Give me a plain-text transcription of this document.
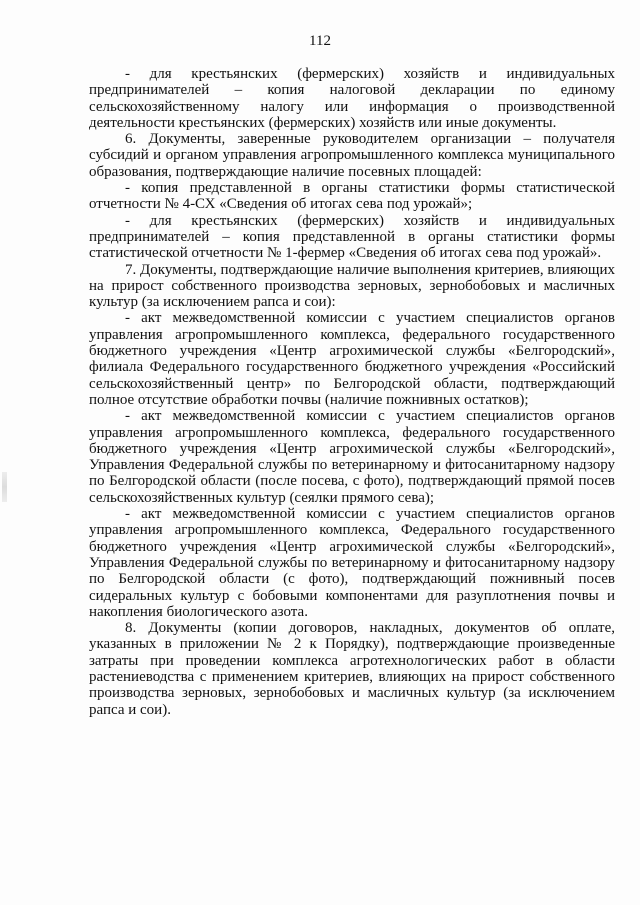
112

- для крестьянских (фермерских) хозяйств и индивидуальных предпринимателей – копия налоговой декларации по единому сельскохозяйственному налогу или информация о производственной деятельности крестьянских (фермерских) хозяйств или иные документы.

6. Документы, заверенные руководителем организации – получателя субсидий и органом управления агропромышленного комплекса муниципального образования, подтверждающие наличие посевных площадей:

- копия представленной в органы статистики формы статистической отчетности № 4-СХ «Сведения об итогах сева под урожай»;

- для крестьянских (фермерских) хозяйств и индивидуальных предпринимателей – копия представленной в органы статистики формы статистической отчетности № 1-фермер «Сведения об итогах сева под урожай».

7. Документы, подтверждающие наличие выполнения критериев, влияющих на прирост собственного производства зерновых, зернобобовых и масличных культур (за исключением рапса и сои):

- акт межведомственной комиссии с участием специалистов органов управления агропромышленного комплекса, федерального государственного бюджетного учреждения «Центр агрохимической службы «Белгородский», филиала Федерального государственного бюджетного учреждения «Российский сельскохозяйственный центр» по Белгородской области, подтверждающий полное отсутствие обработки почвы (наличие пожнивных остатков);

- акт межведомственной комиссии с участием специалистов органов управления агропромышленного комплекса, федерального государственного бюджетного учреждения «Центр агрохимической службы «Белгородский», Управления Федеральной службы по ветеринарному и фитосанитарному надзору по Белгородской области (после посева, с фото), подтверждающий прямой посев сельскохозяйственных культур (сеялки прямого сева);

- акт межведомственной комиссии с участием специалистов органов управления агропромышленного комплекса, Федерального государственного бюджетного учреждения «Центр агрохимической службы «Белгородский», Управления Федеральной службы по ветеринарному и фитосанитарному надзору по Белгородской области (с фото), подтверждающий пожнивный посев сидеральных культур с бобовыми компонентами для разуплотнения почвы и накопления биологического азота.

8. Документы (копии договоров, накладных, документов об оплате, указанных в приложении № 2 к Порядку), подтверждающие произведенные затраты при проведении комплекса агротехнологических работ в области растениеводства с применением критериев, влияющих на прирост собственного производства зерновых, зернобобовых и масличных культур (за исключением рапса и сои).
